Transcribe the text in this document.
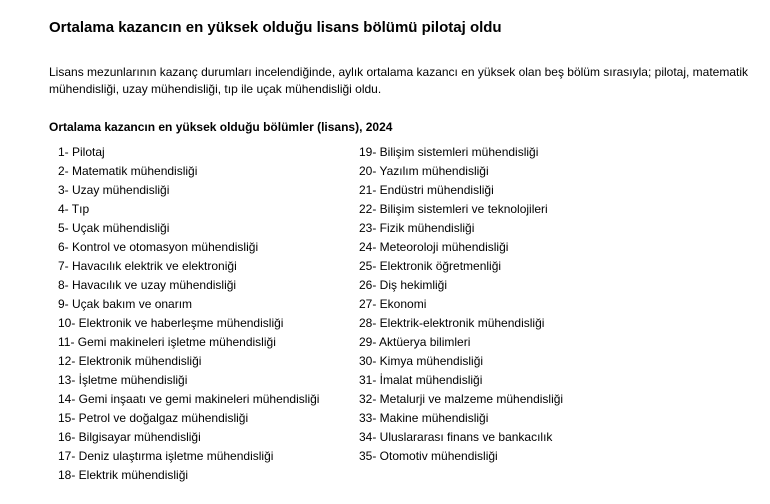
Ortalama kazancın en yüksek olduğu lisans bölümü pilotaj oldu

Lisans mezunlarının kazanç durumları incelendiğinde, aylık ortalama kazancı en yüksek olan beş bölüm sırasıyla; pilotaj, matematik mühendisliği, uzay mühendisliği, tıp ile uçak mühendisliği oldu.

Ortalama kazancın en yüksek olduğu bölümler (lisans), 2024
1- Pilotaj
2- Matematik mühendisliği
3- Uzay mühendisliği
4- Tıp
5- Uçak mühendisliği
6- Kontrol ve otomasyon mühendisliği
7- Havacılık elektrik ve elektroniği
8- Havacılık ve uzay mühendisliği
9- Uçak bakım ve onarım
10- Elektronik ve haberleşme mühendisliği
11- Gemi makineleri işletme mühendisliği
12- Elektronik mühendisliği
13- İşletme mühendisliği
14- Gemi inşaatı ve gemi makineleri mühendisliği
15- Petrol ve doğalgaz mühendisliği
16- Bilgisayar mühendisliği
17- Deniz ulaştırma işletme mühendisliği
18- Elektrik mühendisliği
19- Bilişim sistemleri mühendisliği
20- Yazılım mühendisliği
21- Endüstri mühendisliği
22- Bilişim sistemleri ve teknolojileri
23- Fizik mühendisliği
24- Meteoroloji mühendisliği
25- Elektronik öğretmenliği
26- Diş hekimliği
27- Ekonomi
28- Elektrik-elektronik mühendisliği
29- Aktüerya bilimleri
30- Kimya mühendisliği
31- İmalat mühendisliği
32- Metalurji ve malzeme mühendisliği
33- Makine mühendisliği
34- Uluslararası finans ve bankacılık
35- Otomotiv mühendisliği
